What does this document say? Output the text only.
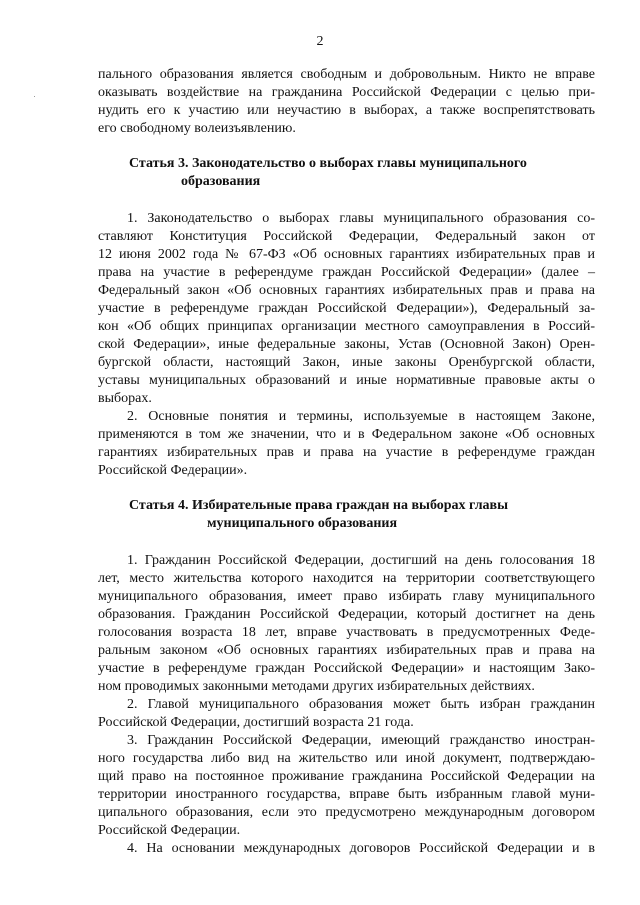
2
пального образования является свободным и добровольным. Никто не вправе
оказывать воздействие на гражданина Российской Федерации с целью при-
нудить его к участию или неучастию в выборах, а также воспрепятствовать
его свободному волеизъявлению.
Статья 3. Законодательство о выборах главы муниципального
образования
1. Законодательство о выборах главы муниципального образования со-
ставляют Конституция Российской Федерации, Федеральный закон от
12 июня 2002 года № 67-ФЗ «Об основных гарантиях избирательных прав и
права на участие в референдуме граждан Российской Федерации» (далее –
Федеральный закон «Об основных гарантиях избирательных прав и права на
участие в референдуме граждан Российской Федерации»), Федеральный за-
кон «Об общих принципах организации местного самоуправления в Россий-
ской Федерации», иные федеральные законы, Устав (Основной Закон) Орен-
бургской области, настоящий Закон, иные законы Оренбургской области,
уставы муниципальных образований и иные нормативные правовые акты о
выборах.
2. Основные понятия и термины, используемые в настоящем Законе,
применяются в том же значении, что и в Федеральном законе «Об основных
гарантиях избирательных прав и права на участие в референдуме граждан
Российской Федерации».
Статья 4. Избирательные права граждан на выборах главы
муниципального образования
1. Гражданин Российской Федерации, достигший на день голосования 18
лет, место жительства которого находится на территории соответствующего
муниципального образования, имеет право избирать главу муниципального
образования. Гражданин Российской Федерации, который достигнет на день
голосования возраста 18 лет, вправе участвовать в предусмотренных Феде-
ральным законом «Об основных гарантиях избирательных прав и права на
участие в референдуме граждан Российской Федерации» и настоящим Зако-
ном проводимых законными методами других избирательных действиях.
2. Главой муниципального образования может быть избран гражданин
Российской Федерации, достигший возраста 21 года.
3. Гражданин Российской Федерации, имеющий гражданство иностран-
ного государства либо вид на жительство или иной документ, подтверждаю-
щий право на постоянное проживание гражданина Российской Федерации на
территории иностранного государства, вправе быть избранным главой муни-
ципального образования, если это предусмотрено международным договором
Российской Федерации.
4. На основании международных договоров Российской Федерации и в
